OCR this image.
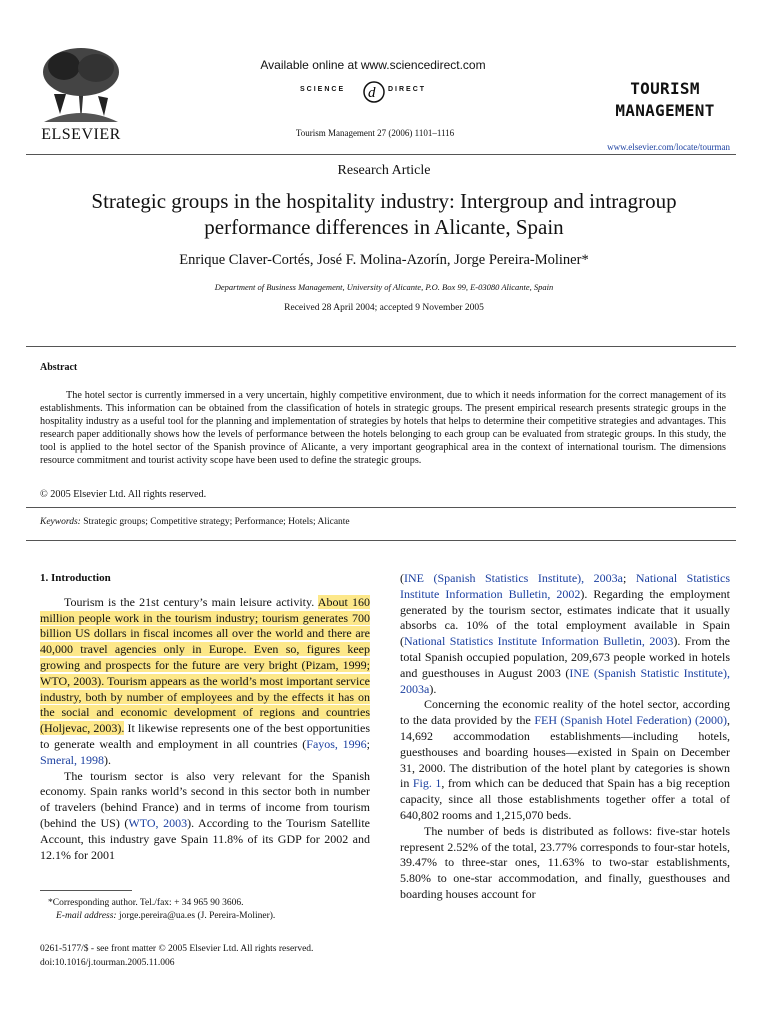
ELSEVIER
Available online at www.sciencedirect.com
SCIENCE d DIRECT
Tourism Management 27 (2006) 1101–1116
TOURISM
MANAGEMENT
www.elsevier.com/locate/tourman
Research Article
Strategic groups in the hospitality industry: Intergroup and intragroup performance differences in Alicante, Spain
Enrique Claver-Cortés, José F. Molina-Azorín, Jorge Pereira-Moliner*
Department of Business Management, University of Alicante, P.O. Box 99, E-03080 Alicante, Spain
Received 28 April 2004; accepted 9 November 2005
Abstract
The hotel sector is currently immersed in a very uncertain, highly competitive environment, due to which it needs information for the correct management of its establishments. This information can be obtained from the classification of hotels in strategic groups. The present empirical research presents strategic groups in the hospitality industry as a useful tool for the planning and implementation of strategies by hotels that helps to determine their competitive strategies and advantages. This research paper additionally shows how the levels of performance between the hotels belonging to each group can be evaluated from strategic groups. In this study, the tool is applied to the hotel sector of the Spanish province of Alicante, a very important geographical area in the context of international tourism. The dimensions resource commitment and tourist activity scope have been used to define the strategic groups.
© 2005 Elsevier Ltd. All rights reserved.
Keywords: Strategic groups; Competitive strategy; Performance; Hotels; Alicante
1. Introduction

Tourism is the 21st century’s main leisure activity. About 160 million people work in the tourism industry; tourism generates 700 billion US dollars in fiscal incomes all over the world and there are 40,000 travel agencies only in Europe. Even so, figures keep growing and prospects for the future are very bright (Pizam, 1999; WTO, 2003). Tourism appears as the world’s most important service industry, both by number of employees and by the effects it has on the social and economic development of regions and countries (Holjevac, 2003). It likewise represents one of the best opportunities to generate wealth and employment in all countries (Fayos, 1996; Smeral, 1998).

The tourism sector is also very relevant for the Spanish economy. Spain ranks world’s second in this sector both in number of travelers (behind France) and in terms of income from tourism (behind the US) (WTO, 2003). According to the Tourism Satellite Account, this industry gave Spain 11.8% of its GDP for 2002 and 12.1% for 2001

(INE (Spanish Statistics Institute), 2003a; National Statistics Institute Information Bulletin, 2002). Regarding the employment generated by the tourism sector, estimates indicate that it usually absorbs ca. 10% of the total employment available in Spain (National Statistics Institute Information Bulletin, 2003). From the total Spanish occupied population, 209,673 people worked in hotels and guesthouses in August 2003 (INE (Spanish Statistic Institute), 2003a).

Concerning the economic reality of the hotel sector, according to the data provided by the FEH (Spanish Hotel Federation) (2000), 14,692 accommodation establishments—including hotels, guesthouses and boarding houses—existed in Spain on December 31, 2000. The distribution of the hotel plant by categories is shown in Fig. 1, from which can be deduced that Spain has a big reception capacity, since all those establishments together offer a total of 640,802 rooms and 1,215,070 beds.

The number of beds is distributed as follows: five-star hotels represent 2.52% of the total, 23.77% corresponds to four-star hotels, 39.47% to three-star ones, 11.63% to two-star establishments, 5.80% to one-star accommodation, and finally, guesthouses and boarding houses account for

*Corresponding author. Tel./fax: + 34 965 90 3606.
E-mail address: jorge.pereira@ua.es (J. Pereira-Moliner).
0261-5177/$ - see front matter © 2005 Elsevier Ltd. All rights reserved.
doi:10.1016/j.tourman.2005.11.006
